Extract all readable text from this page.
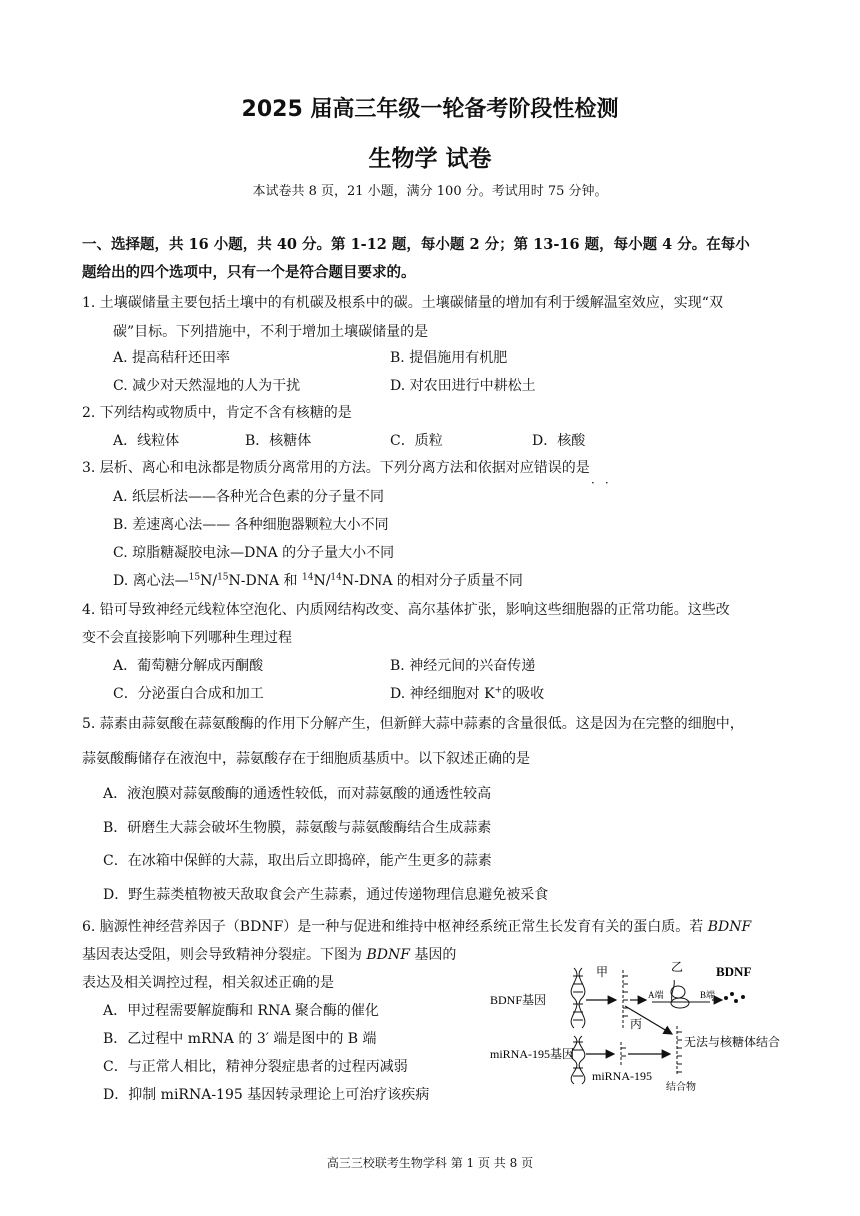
2025 届高三年级一轮备考阶段性检测
生物学 试卷
本试卷共 8 页，21 小题，满分 100 分。考试用时 75 分钟。
一、选择题，共 16 小题，共 40 分。第 1-12 题，每小题 2 分；第 13-16 题，每小题 4 分。在每小
题给出的四个选项中，只有一个是符合题目要求的。
1. 土壤碳储量主要包括土壤中的有机碳及根系中的碳。土壤碳储量的增加有利于缓解温室效应，实现“双
碳”目标。下列措施中，不利于增加土壤碳储量的是
A. 提高秸秆还田率	B. 提倡施用有机肥
C. 减少对天然湿地的人为干扰	D. 对农田进行中耕松土
2. 下列结构或物质中，肯定不含有核糖的是
A．线粒体	B．核糖体	C．质粒	D．核酸
3. 层析、离心和电泳都是物质分离常用的方法。下列分离方法和依据对应错误的是
·​·
A. 纸层析法——各种光合色素的分子量不同
B. 差速离心法—— 各种细胞器颗粒大小不同
C. 琼脂糖凝胶电泳—DNA 的分子量大小不同
D. 离心法—$^{15}$N/$^{15}$N-DNA 和 $^{14}$N/$^{14}$N-DNA 的相对分子质量不同
4. 铅可导致神经元线粒体空泡化、内质网结构改变、高尔基体扩张，影响这些细胞器的正常功能。这些改
变不会直接影响下列哪种生理过程
A．葡萄糖分解成丙酮酸	B. 神经元间的兴奋传递
C．分泌蛋白合成和加工	D. 神经细胞对 K+的吸收
5. 蒜素由蒜氨酸在蒜氨酸酶的作用下分解产生，但新鲜大蒜中蒜素的含量很低。这是因为在完整的细胞中，
蒜氨酸酶储存在液泡中，蒜氨酸存在于细胞质基质中。以下叙述正确的是
A．液泡膜对蒜氨酸酶的通透性较低，而对蒜氨酸的通透性较高
B．研磨生大蒜会破坏生物膜，蒜氨酸与蒜氨酸酶结合生成蒜素
C．在冰箱中保鲜的大蒜，取出后立即捣碎，能产生更多的蒜素
D．野生蒜类植物被天敌取食会产生蒜素，通过传递物理信息避免被采食
6. 脑源性神经营养因子（BDNF）是一种与促进和维持中枢神经系统正常生长发育有关的蛋白质。若 BDNF
基因表达受阻，则会导致精神分裂症。下图为 BDNF 基因的
表达及相关调控过程，相关叙述正确的是
A．甲过程需要解旋酶和 RNA 聚合酶的催化
B．乙过程中 mRNA 的 3′ 端是图中的 B 端
C．与正常人相比，精神分裂症患者的过程丙减弱
D．抑制 miRNA-195 基因转录理论上可治疗该疾病
BDNF基因
甲	乙
A端	B端
BDNF
丙
无法与核糖体结合
结合物
miRNA-195基因
miRNA-195
高三三校联考生物学科 第 1 页 共 8 页
